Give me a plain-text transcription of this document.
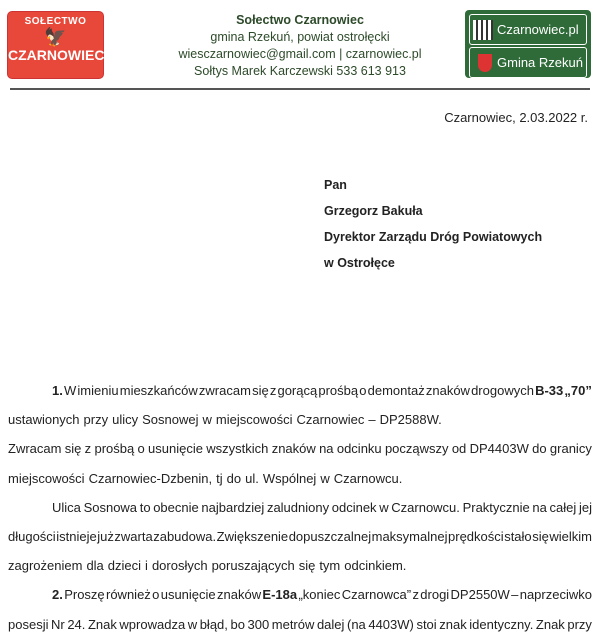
SOŁECTWO
🦅
CZARNOWIEC
Sołectwo Czarnowiec
gmina Rzekuń, powiat ostrołęcki
wiesczarnowiec@gmail.com | czarnowiec.pl
Sołtys Marek Karczewski 533 613 913
Czarnowiec.pl
Gmina Rzekuń
Czarnowiec, 2.03.2022 r.
Pan
Grzegorz Bakuła
Dyrektor Zarządu Dróg Powiatowych
w Ostrołęce
1. W imieniu mieszkańców zwracam się z gorącą prośbą o demontaż znaków drogowych B-33 „70”
ustawionych przy ulicy Sosnowej w miejscowości Czarnowiec – DP2588W.
Zwracam się z prośbą o usunięcie wszystkich znaków na odcinku począwszy od DP4403W do granicy
miejscowości Czarnowiec-Dzbenin, tj do ul. Wspólnej w Czarnowcu.
Ulica Sosnowa to obecnie najbardziej zaludniony odcinek w Czarnowcu. Praktycznie na całej jej
długości istnieje już zwarta zabudowa. Zwiększenie dopuszczalnej maksymalnej prędkości stało się wielkim
zagrożeniem dla dzieci i dorosłych poruszających się tym odcinkiem.
2. Proszę również o usunięcie znaków E-18a „koniec Czarnowca” z drogi DP2550W – naprzeciwko
posesji Nr 24. Znak wprowadza w błąd, bo 300 metrów dalej (na 4403W) stoi znak identyczny. Znak przy
